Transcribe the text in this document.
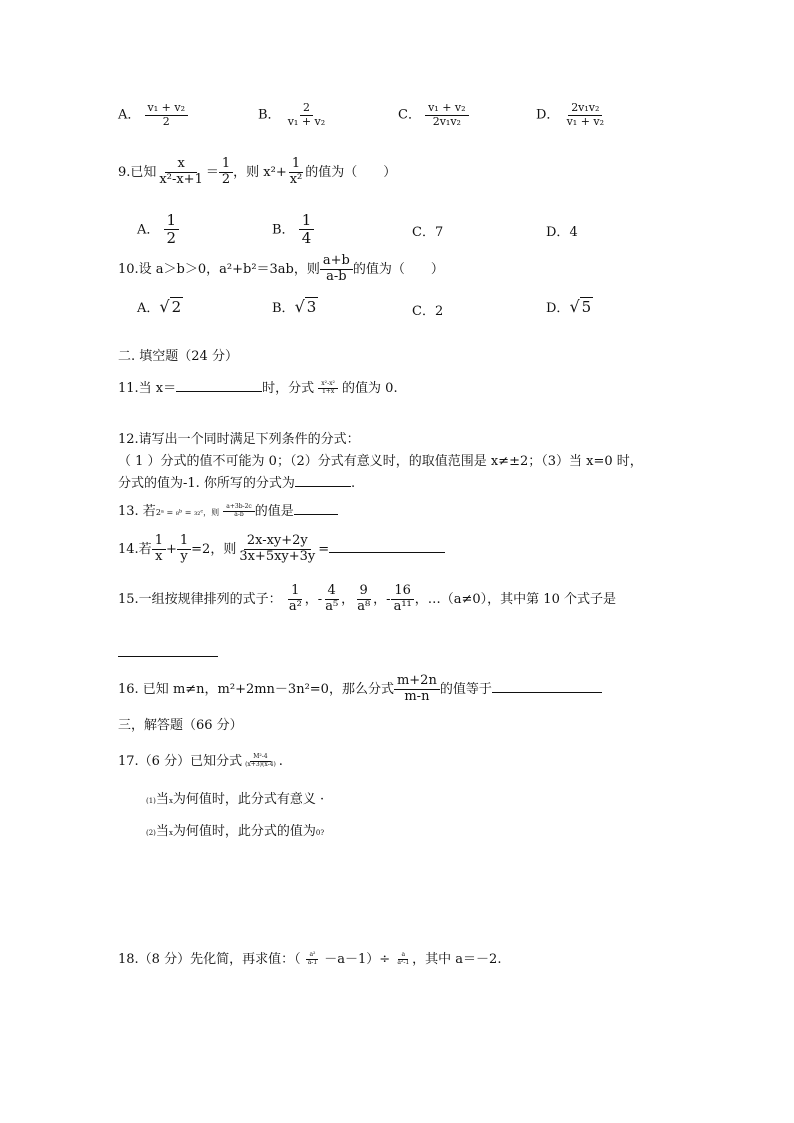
A． $\frac{\text{v₁ + v₂}}{2}$	B． $\frac{2}{\text{v₁ + v₂}}$	C． $\frac{\text{v₁ + v₂}}{\text{2v₁v₂}}$	D． $\frac{\text{2v₁v₂}}{\text{v₁ + v₂}}$
9.已知 $\frac{x}{\text{x²-x+1}} = \frac{1}{2}$ ，则 $x^2+ \frac{1}{\text{x²}}$ 的值为（　　）
A． $\frac{1}{2}$	B． $\frac{1}{4}$	C．7	D．4
10.设 a＞b＞0，a²+b²＝3ab，则 $\frac{a+b}{a-b}$ 的值为（　　）
A．√ 2	B．√ 3	C．2	D．√ 5
二. 填空题（24 分）
11.当 x＝	时，分式 $\frac{\text{x²-x²}}{1+x}$ 的值为 0.
12.请写出一个同时满足下列条件的分式：
（ 1 ）分式的值不可能为 0；（2）分式有意义时，的取值范围是 x≠±2；（3）当 x=0 时，
分式的值为-1. 你所写的分式为	.
13. 若2ᵃ = ₈ᵇ = ₃₂ᶜ，则 $\frac{a+3b-2c}{a-b}$ 的值是
14.若 $\frac{1}{x} + \frac{1}{y} =2$，则 $\frac{2x-xy+2y}{3x+5xy+3y}$ =
15.一组按规律排列的式子： $\frac{1}{\text{a²}}$ ，- $\frac{4}{\text{a⁵}}$ ， $\frac{9}{\text{a⁸}}$ ，- $\frac{16}{\text{a¹¹}}$ ，…（a≠0），其中第 10 个式子是
16. 已知 m≠n，m²+2mn－3n²=0，那么分式 $\frac{m+2n}{m-n}$ 的值等于
三，解答题（66 分）
17.（6 分）已知分式 $\frac{\text{M²-4}}{(x+3)(x-4)}$ .
(1)当x为何值时，此分式有意义 ·
(2)当x为何值时，此分式的值为0?
18.（8 分）先化简，再求值：（ $\frac{\text{a²}}{a-1} -a-1)\div \frac{a}{\text{a²-1}}$ ，其中 a＝－2.
